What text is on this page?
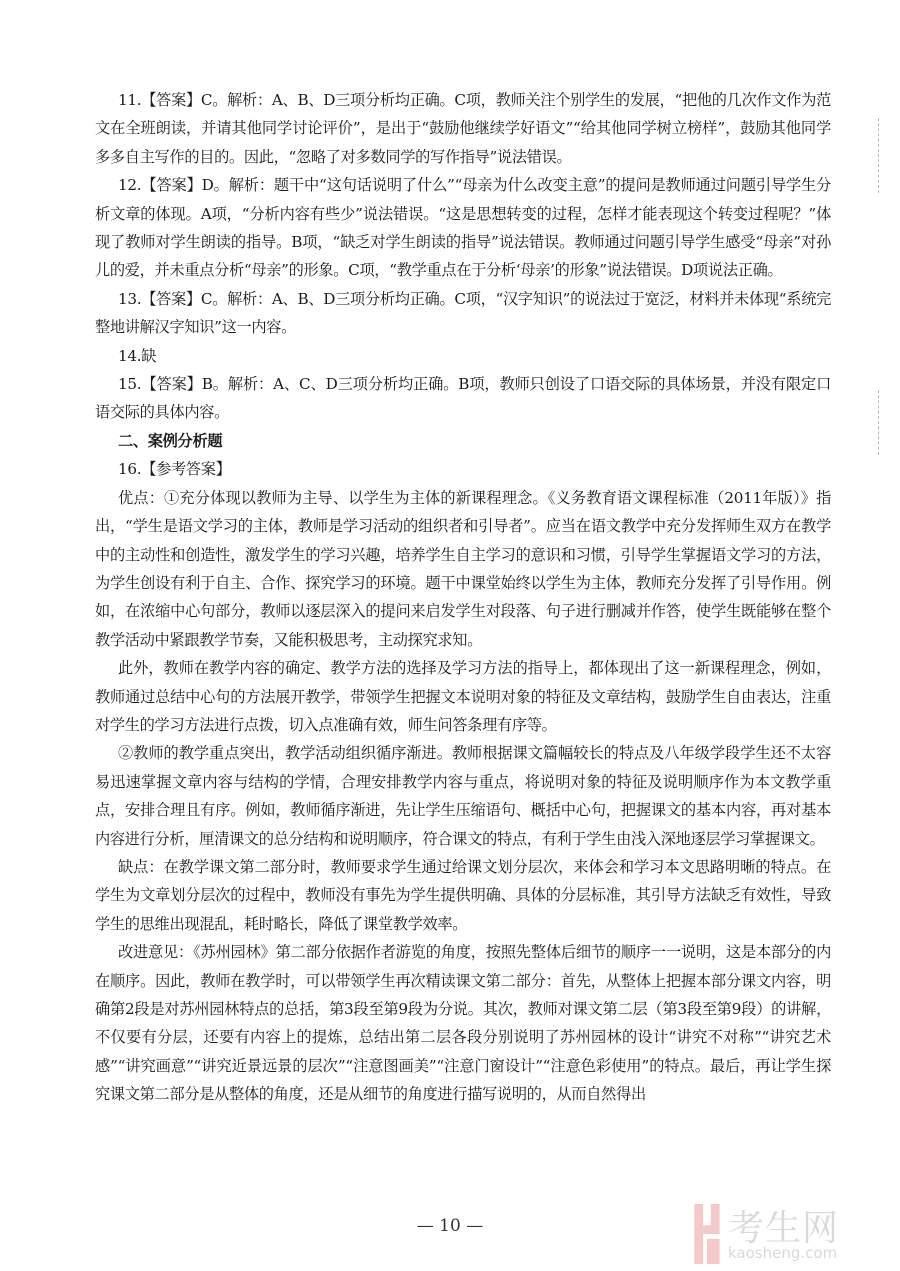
11.【答案】C。解析：A、B、D三项分析均正确。C项，教师关注个别学生的发展，“把他的几次作文作为范文在全班朗读，并请其他同学讨论评价”，是出于“鼓励他继续学好语文”“给其他同学树立榜样”，鼓励其他同学多多自主写作的目的。因此，“忽略了对多数同学的写作指导”说法错误。

12.【答案】D。解析：题干中“这句话说明了什么”“母亲为什么改变主意”的提问是教师通过问题引导学生分析文章的体现。A项，“分析内容有些少”说法错误。“这是思想转变的过程，怎样才能表现这个转变过程呢？”体现了教师对学生朗读的指导。B项，“缺乏对学生朗读的指导”说法错误。教师通过问题引导学生感受“母亲”对孙儿的爱，并未重点分析“母亲”的形象。C项，“教学重点在于分析‘母亲’的形象”说法错误。D项说法正确。

13.【答案】C。解析：A、B、D三项分析均正确。C项，“汉字知识”的说法过于宽泛，材料并未体现“系统完整地讲解汉字知识”这一内容。

14.缺

15.【答案】B。解析：A、C、D三项分析均正确。B项，教师只创设了口语交际的具体场景，并没有限定口语交际的具体内容。

二、案例分析题

16.【参考答案】

优点：①充分体现以教师为主导、以学生为主体的新课程理念。《义务教育语文课程标准（2011年版）》指出，“学生是语文学习的主体，教师是学习活动的组织者和引导者”。应当在语文教学中充分发挥师生双方在教学中的主动性和创造性，激发学生的学习兴趣，培养学生自主学习的意识和习惯，引导学生掌握语文学习的方法，为学生创设有利于自主、合作、探究学习的环境。题干中课堂始终以学生为主体，教师充分发挥了引导作用。例如，在浓缩中心句部分，教师以逐层深入的提问来启发学生对段落、句子进行删减并作答，使学生既能够在整个教学活动中紧跟教学节奏，又能积极思考，主动探究求知。

此外，教师在教学内容的确定、教学方法的选择及学习方法的指导上，都体现出了这一新课程理念，例如，教师通过总结中心句的方法展开教学，带领学生把握文本说明对象的特征及文章结构，鼓励学生自由表达，注重对学生的学习方法进行点拨，切入点准确有效，师生问答条理有序等。

②教师的教学重点突出，教学活动组织循序渐进。教师根据课文篇幅较长的特点及八年级学段学生还不太容易迅速掌握文章内容与结构的学情，合理安排教学内容与重点，将说明对象的特征及说明顺序作为本文教学重点，安排合理且有序。例如，教师循序渐进，先让学生压缩语句、概括中心句，把握课文的基本内容，再对基本内容进行分析，厘清课文的总分结构和说明顺序，符合课文的特点，有利于学生由浅入深地逐层学习掌握课文。

缺点：在教学课文第二部分时，教师要求学生通过给课文划分层次，来体会和学习本文思路明晰的特点。在学生为文章划分层次的过程中，教师没有事先为学生提供明确、具体的分层标准，其引导方法缺乏有效性，导致学生的思维出现混乱，耗时略长，降低了课堂教学效率。

改进意见：《苏州园林》第二部分依据作者游览的角度，按照先整体后细节的顺序一一说明，这是本部分的内在顺序。因此，教师在教学时，可以带领学生再次精读课文第二部分：首先，从整体上把握本部分课文内容，明确第2段是对苏州园林特点的总括，第3段至第9段为分说。其次，教师对课文第二层（第3段至第9段）的讲解，不仅要有分层，还要有内容上的提炼，总结出第二层各段分别说明了苏州园林的设计“讲究不对称”“讲究艺术感”“讲究画意”“讲究近景远景的层次”“注意图画美”“注意门窗设计”“注意色彩使用”的特点。最后，再让学生探究课文第二部分是从整体的角度，还是从细节的角度进行描写说明的，从而自然得出

— 10 —	考生网
kaosheng.com
